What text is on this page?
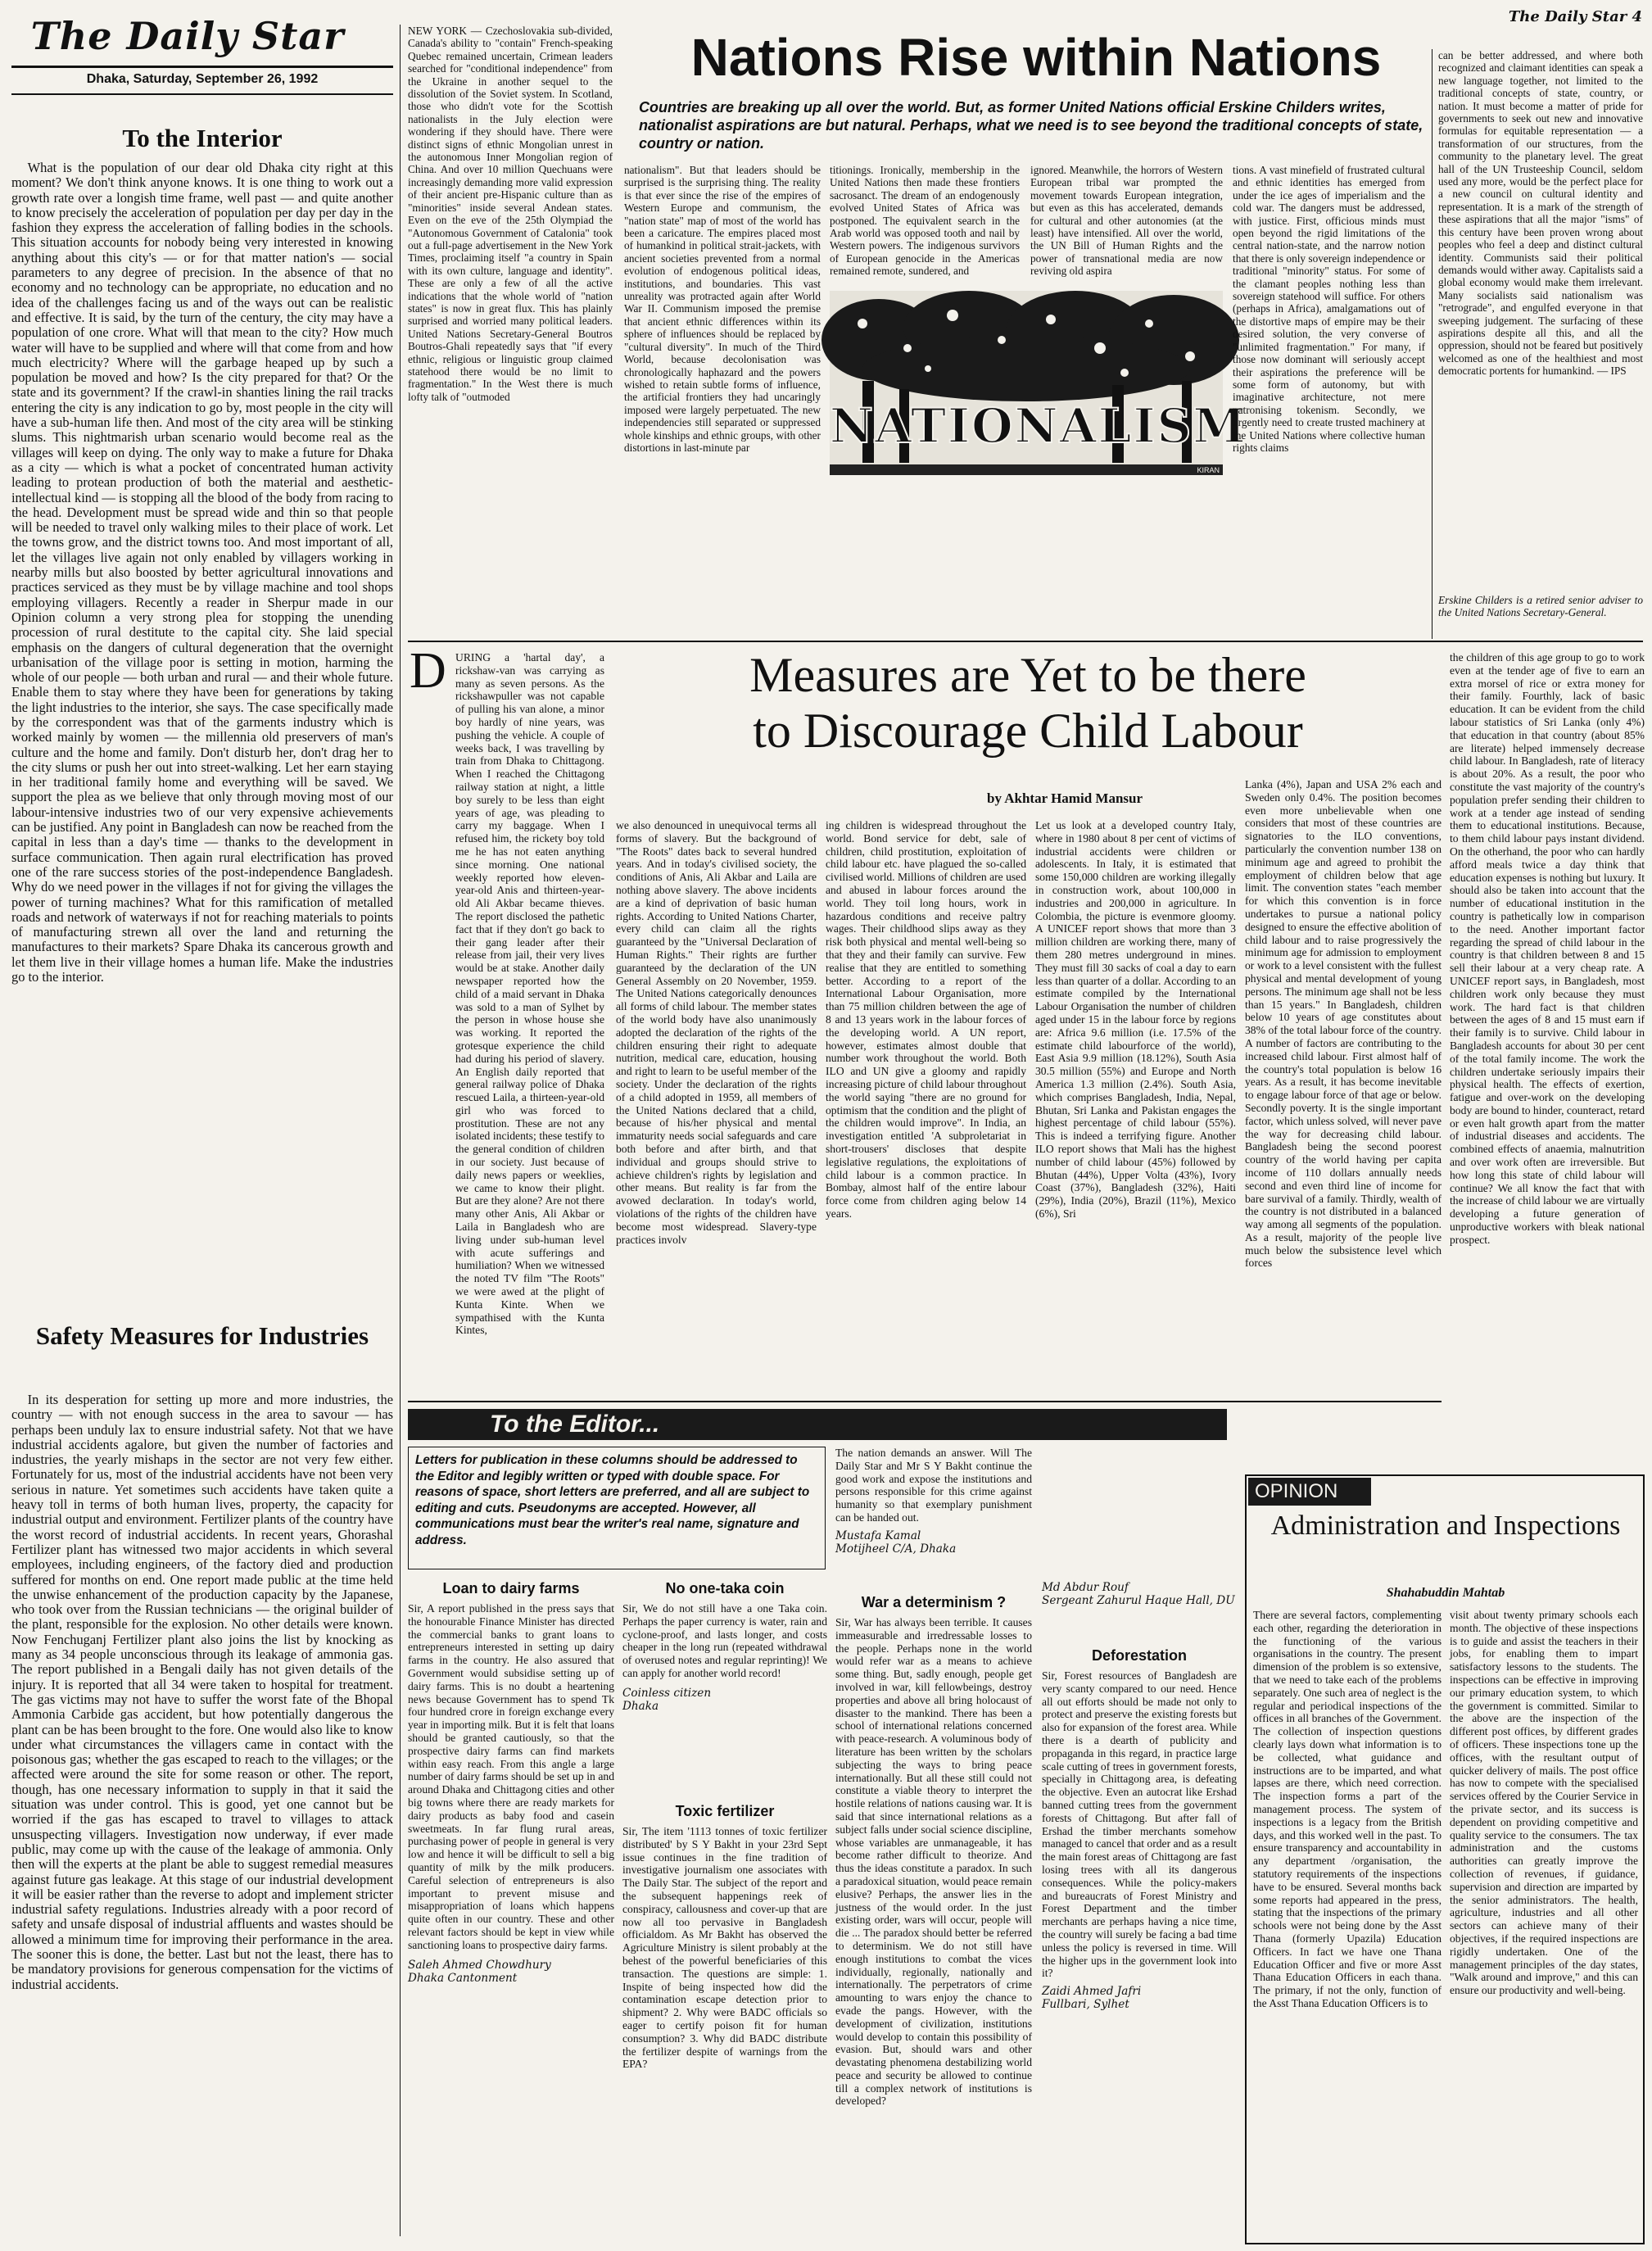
The Daily Star
Dhaka, Saturday, September 26, 1992
The Daily Star 4
To the Interior

What is the population of our dear old Dhaka city right at this moment? We don't think anyone knows. It is one thing to work out a growth rate over a longish time frame, well past — and quite another to know precisely the acceleration of population per day per day in the fashion they express the acceleration of falling bodies in the schools. This situation accounts for nobody being very interested in knowing anything about this city's — or for that matter nation's — social parameters to any degree of precision. In the absence of that no economy and no technology can be appropriate, no education and no idea of the challenges facing us and of the ways out can be realistic and effective. It is said, by the turn of the century, the city may have a population of one crore. What will that mean to the city? How much water will have to be supplied and where will that come from and how much electricity? Where will the garbage heaped up by such a population be moved and how? Is the city prepared for that? Or the state and its government? If the crawl-in shanties lining the rail tracks entering the city is any indication to go by, most people in the city will have a sub-human life then. And most of the city area will be stinking slums. This nightmarish urban scenario would become real as the villages will keep on dying. The only way to make a future for Dhaka as a city — which is what a pocket of concentrated human activity leading to protean production of both the material and aesthetic-intellectual kind — is stopping all the blood of the body from racing to the head. Development must be spread wide and thin so that people will be needed to travel only walking miles to their place of work. Let the towns grow, and the district towns too. And most important of all, let the villages live again not only enabled by villagers working in nearby mills but also boosted by better agricultural innovations and practices serviced as they must be by village machine and tool shops employing villagers. Recently a reader in Sherpur made in our Opinion column a very strong plea for stopping the unending procession of rural destitute to the capital city. She laid special emphasis on the dangers of cultural degeneration that the overnight urbanisation of the village poor is setting in motion, harming the whole of our people — both urban and rural — and their whole future. Enable them to stay where they have been for generations by taking the light industries to the interior, she says. The case specifically made by the correspondent was that of the garments industry which is worked mainly by women — the millennia old preservers of man's culture and the home and family. Don't disturb her, don't drag her to the city slums or push her out into street-walking. Let her earn staying in her traditional family home and everything will be saved. We support the plea as we believe that only through moving most of our labour-intensive industries two of our very expensive achievements can be justified. Any point in Bangladesh can now be reached from the capital in less than a day's time — thanks to the development in surface communication. Then again rural electrification has proved one of the rare success stories of the post-independence Bangladesh. Why do we need power in the villages if not for giving the villages the power of turning machines? What for this ramification of metalled roads and network of waterways if not for reaching materials to points of manufacturing strewn all over the land and returning the manufactures to their markets? Spare Dhaka its cancerous growth and let them live in their village homes a human life. Make the industries go to the interior.

Safety Measures for Industries

In its desperation for setting up more and more industries, the country — with not enough success in the area to savour — has perhaps been unduly lax to ensure industrial safety. Not that we have industrial accidents agalore, but given the number of factories and industries, the yearly mishaps in the sector are not very few either. Fortunately for us, most of the industrial accidents have not been very serious in nature. Yet sometimes such accidents have taken quite a heavy toll in terms of both human lives, property, the capacity for industrial output and environment. Fertilizer plants of the country have the worst record of industrial accidents. In recent years, Ghorashal Fertilizer plant has witnessed two major accidents in which several employees, including engineers, of the factory died and production suffered for months on end. One report made public at the time held the unwise enhancement of the production capacity by the Japanese, who took over from the Russian technicians — the original builder of the plant, responsible for the explosion. No other details were known. Now Fenchuganj Fertilizer plant also joins the list by knocking as many as 34 people unconscious through its leakage of ammonia gas. The report published in a Bengali daily has not given details of the injury. It is reported that all 34 were taken to hospital for treatment. The gas victims may not have to suffer the worst fate of the Bhopal Ammonia Carbide gas accident, but how potentially dangerous the plant can be has been brought to the fore. One would also like to know under what circumstances the villagers came in contact with the poisonous gas; whether the gas escaped to reach to the villages; or the affected were around the site for some reason or other. The report, though, has one necessary information to supply in that it said the situation was under control. This is good, yet one cannot but be worried if the gas has escaped to travel to villages to attack unsuspecting villagers. Investigation now underway, if ever made public, may come up with the cause of the leakage of ammonia. Only then will the experts at the plant be able to suggest remedial measures against future gas leakage. At this stage of our industrial development it will be easier rather than the reverse to adopt and implement stricter industrial safety regulations. Industries already with a poor record of safety and unsafe disposal of industrial affluents and wastes should be allowed a minimum time for improving their performance in the area. The sooner this is done, the better. Last but not the least, there has to be mandatory provisions for generous compensation for the victims of industrial accidents.

NEW YORK — Czechoslovakia sub-divided, Canada's ability to "contain" French-speaking Quebec remained uncertain, Crimean leaders searched for "conditional independence" from the Ukraine in another sequel to the dissolution of the Soviet system. In Scotland, those who didn't vote for the Scottish nationalists in the July election were wondering if they should have. There were distinct signs of ethnic Mongolian unrest in the autonomous Inner Mongolian region of China. And over 10 million Quechuans were increasingly demanding more valid expression of their ancient pre-Hispanic culture than as "minorities" inside several Andean states. Even on the eve of the 25th Olympiad the "Autonomous Government of Catalonia" took out a full-page advertisement in the New York Times, proclaiming itself "a country in Spain with its own culture, language and identity". These are only a few of all the active indications that the whole world of "nation states" is now in great flux. This has plainly surprised and worried many political leaders. United Nations Secretary-General Boutros Boutros-Ghali repeatedly says that "if every ethnic, religious or linguistic group claimed statehood there would be no limit to fragmentation." In the West there is much lofty talk of "outmoded
Nations Rise within Nations
Countries are breaking up all over the world. But, as former United Nations official Erskine Childers writes, nationalist aspirations are but natural. Perhaps, what we need is to see beyond the traditional concepts of state, country or nation.
nationalism". But that leaders should be surprised is the surprising thing. The reality is that ever since the rise of the empires of Western Europe and communism, the "nation state" map of most of the world has been a caricature. The empires placed most of humankind in political strait-jackets, with ancient societies prevented from a normal evolution of endogenous political ideas, institutions, and boundaries. This vast unreality was protracted again after World War II. Communism imposed the premise that ancient ethnic differences within its sphere of influences should be replaced by "cultural diversity". In much of the Third World, because decolonisation was chronologically haphazard and the powers wished to retain subtle forms of influence, the artificial frontiers they had uncaringly imposed were largely perpetuated. The new independencies still separated or suppressed whole kinships and ethnic groups, with other distortions in last-minute par
titionings. Ironically, membership in the United Nations then made these frontiers sacrosanct. The dream of an endogenously evolved United States of Africa was postponed. The equivalent search in the Arab world was opposed tooth and nail by Western powers. The indigenous survivors of European genocide in the Americas remained remote, sundered, and
ignored. Meanwhile, the horrors of Western European tribal war prompted the movement towards European integration, but even as this has accelerated, demands for cultural and other autonomies (at the least) have intensified. All over the world, the UN Bill of Human Rights and the power of transnational media are now reviving old aspira
NATIONALISM
KIRAN
tions. A vast minefield of frustrated cultural and ethnic identities has emerged from under the ice ages of imperialism and the cold war. The dangers must be addressed, with justice. First, officious minds must open beyond the rigid limitations of the central nation-state, and the narrow notion that there is only sovereign independence or traditional "minority" status. For some of the clamant peoples nothing less than sovereign statehood will suffice. For others (perhaps in Africa), amalgamations out of the distortive maps of empire may be their desired solution, the very converse of "unlimited fragmentation." For many, if those now dominant will seriously accept their aspirations the preference will be some form of autonomy, but with imaginative architecture, not mere patronising tokenism. Secondly, we urgently need to create trusted machinery at the United Nations where collective human rights claims
can be better addressed, and where both recognized and claimant identities can speak a new language together, not limited to the traditional concepts of state, country, or nation. It must become a matter of pride for governments to seek out new and innovative formulas for equitable representation — a transformation of our structures, from the community to the planetary level. The great hall of the UN Trusteeship Council, seldom used any more, would be the perfect place for a new council on cultural identity and representation. It is a mark of the strength of these aspirations that all the major "isms" of this century have been proven wrong about peoples who feel a deep and distinct cultural identity. Communists said their political demands would wither away. Capitalists said a global economy would make them irrelevant. Many socialists said nationalism was "retrograde", and engulfed everyone in that sweeping judgement. The surfacing of these aspirations despite all this, and all the oppression, should not be feared but positively welcomed as one of the healthiest and most democratic portents for humankind. — IPS
Erskine Childers is a retired senior adviser to the United Nations Secretary-General.
D URING a 'hartal day', a rickshaw-van was carrying as many as seven persons. As the rickshawpuller was not capable of pulling his van alone, a minor boy hardly of nine years, was pushing the vehicle. A couple of weeks back, I was travelling by train from Dhaka to Chittagong. When I reached the Chittagong railway station at night, a little boy surely to be less than eight years of age, was pleading to carry my baggage. When I refused him, the rickety boy told me he has not eaten anything since morning. One national weekly reported how eleven-year-old Anis and thirteen-year-old Ali Akbar became thieves. The report disclosed the pathetic fact that if they don't go back to their gang leader after their release from jail, their very lives would be at stake. Another daily newspaper reported how the child of a maid servant in Dhaka was sold to a man of Sylhet by the person in whose house she was working. It reported the grotesque experience the child had during his period of slavery. An English daily reported that general railway police of Dhaka rescued Laila, a thirteen-year-old girl who was forced to prostitution. These are not any isolated incidents; these testify to the general condition of children in our society. Just because of daily news papers or weeklies, we came to know their plight. But are they alone? Are not there many other Anis, Ali Akbar or Laila in Bangladesh who are living under sub-human level with acute sufferings and humiliation? When we witnessed the noted TV film "The Roots" we were awed at the plight of Kunta Kinte. When we sympathised with the Kunta Kintes,
Measures are Yet to be there
to Discourage Child Labour
by Akhtar Hamid Mansur
we also denounced in unequivocal terms all forms of slavery. But the background of "The Roots" dates back to several hundred years. And in today's civilised society, the conditions of Anis, Ali Akbar and Laila are nothing above slavery. The above incidents are a kind of deprivation of basic human rights. According to United Nations Charter, every child can claim all the rights guaranteed by the "Universal Declaration of Human Rights." Their rights are further guaranteed by the declaration of the UN General Assembly on 20 November, 1959. The United Nations categorically denounces all forms of child labour. The member states of the world body have also unanimously adopted the declaration of the rights of the children ensuring their right to adequate nutrition, medical care, education, housing and right to learn to be useful member of the society. Under the declaration of the rights of a child adopted in 1959, all members of the United Nations declared that a child, because of his/her physical and mental immaturity needs social safeguards and care both before and after birth, and that individual and groups should strive to achieve children's rights by legislation and other means. But reality is far from the avowed declaration. In today's world, violations of the rights of the children have become most widespread. Slavery-type practices involv
ing children is widespread throughout the world. Bond service for debt, sale of children, child prostitution, exploitation of child labour etc. have plagued the so-called civilised world. Millions of children are used and abused in labour forces around the world. They toil long hours, work in hazardous conditions and receive paltry wages. Their childhood slips away as they risk both physical and mental well-being so that they and their family can survive. Few realise that they are entitled to something better. According to a report of the International Labour Organisation, more than 75 million children between the age of 8 and 13 years work in the labour forces of the developing world. A UN report, however, estimates almost double that number work throughout the world. Both ILO and UN give a gloomy and rapidly increasing picture of child labour throughout the world saying "there are no ground for optimism that the condition and the plight of the children would improve". In India, an investigation entitled 'A subproletariat in short-trousers' discloses that despite legislative regulations, the exploitations of child labour is a common practice. In Bombay, almost half of the entire labour force come from children aging below 14 years.
Let us look at a developed country Italy, where in 1980 about 8 per cent of victims of industrial accidents were children or adolescents. In Italy, it is estimated that some 150,000 children are working illegally in construction work, about 100,000 in industries and 200,000 in agriculture. In Colombia, the picture is evenmore gloomy. A UNICEF report shows that more than 3 million children are working there, many of them 280 metres underground in mines. They must fill 30 sacks of coal a day to earn less than quarter of a dollar. According to an estimate compiled by the International Labour Organisation the number of children aged under 15 in the labour force by regions are: Africa 9.6 million (i.e. 17.5% of the estimate child labourforce of the world), East Asia 9.9 million (18.12%), South Asia 30.5 million (55%) and Europe and North America 1.3 million (2.4%). South Asia, which comprises Bangladesh, India, Nepal, Bhutan, Sri Lanka and Pakistan engages the highest percentage of child labour (55%). This is indeed a terrifying figure. Another ILO report shows that Mali has the highest number of child labour (45%) followed by Bhutan (44%), Upper Volta (43%), Ivory Coast (37%), Bangladesh (32%), Haiti (29%), India (20%), Brazil (11%), Mexico (6%), Sri
Lanka (4%), Japan and USA 2% each and Sweden only 0.4%. The position becomes even more unbelievable when one considers that most of these countries are signatories to the ILO conventions, particularly the convention number 138 on minimum age and agreed to prohibit the employment of children below that age limit. The convention states "each member for which this convention is in force undertakes to pursue a national policy designed to ensure the effective abolition of child labour and to raise progressively the minimum age for admission to employment or work to a level consistent with the fullest physical and mental development of young persons. The minimum age shall not be less than 15 years." In Bangladesh, children below 10 years of age constitutes about 38% of the total labour force of the country. A number of factors are contributing to the increased child labour. First almost half of the country's total population is below 16 years. As a result, it has become inevitable to engage labour force of that age or below. Secondly poverty. It is the single important factor, which unless solved, will never pave the way for decreasing child labour. Bangladesh being the second poorest country of the world having per capita income of 110 dollars annually needs second and even third line of income for bare survival of a family. Thirdly, wealth of the country is not distributed in a balanced way among all segments of the population. As a result, majority of the people live much below the subsistence level which forces
the children of this age group to go to work even at the tender age of five to earn an extra morsel of rice or extra money for their family. Fourthly, lack of basic education. It can be evident from the child labour statistics of Sri Lanka (only 4%) that education in that country (about 85% are literate) helped immensely decrease child labour. In Bangladesh, rate of literacy is about 20%. As a result, the poor who constitute the vast majority of the country's population prefer sending their children to work at a tender age instead of sending them to educational institutions. Because, to them child labour pays instant dividend. On the otherhand, the poor who can hardly afford meals twice a day think that education expenses is nothing but luxury. It should also be taken into account that the number of educational institution in the country is pathetically low in comparison to the need. Another important factor regarding the spread of child labour in the country is that children between 8 and 15 sell their labour at a very cheap rate. A UNICEF report says, in Bangladesh, most children work only because they must work. The hard fact is that children between the ages of 8 and 15 must earn if their family is to survive. Child labour in Bangladesh accounts for about 30 per cent of the total family income. The work the children undertake seriously impairs their physical health. The effects of exertion, fatigue and over-work on the developing body are bound to hinder, counteract, retard or even halt growth apart from the matter of industrial diseases and accidents. The combined effects of anaemia, malnutrition and over work often are irreversible. But how long this state of child labour will continue? We all know the fact that with the increase of child labour we are virtually developing a future generation of unproductive workers with bleak national prospect.
To the Editor...
Letters for publication in these columns should be addressed to the Editor and legibly written or typed with double space. For reasons of space, short letters are preferred, and all are subject to editing and cuts. Pseudonyms are accepted. However, all communications must bear the writer's real name, signature and address.
Loan to dairy farms
Sir, A report published in the press says that the honourable Finance Minister has directed the commercial banks to grant loans to entrepreneurs interested in setting up dairy farms in the country. He also assured that Government would subsidise setting up of dairy farms. This is no doubt a heartening news because Government has to spend Tk four hundred crore in foreign exchange every year in importing milk. But it is felt that loans should be granted cautiously, so that the prospective dairy farms can find markets within easy reach. From this angle a large number of dairy farms should be set up in and around Dhaka and Chittagong cities and other big towns where there are ready markets for dairy products as baby food and casein sweetmeats. In far flung rural areas, purchasing power of people in general is very low and hence it will be difficult to sell a big quantity of milk by the milk producers. Careful selection of entrepreneurs is also important to prevent misuse and misappropriation of loans which happens quite often in our country. These and other relevant factors should be kept in view while sanctioning loans to prospective dairy farms.
Saleh Ahmed Chowdhury
Dhaka Cantonment
No one-taka coin
Sir, We do not still have a one Taka coin. Perhaps the paper currency is water, rain and cyclone-proof, and lasts longer, and costs cheaper in the long run (repeated withdrawal of overused notes and regular reprinting)! We can apply for another world record!
Coinless citizen
Dhaka
Toxic fertilizer
Sir, The item '1113 tonnes of toxic fertilizer distributed' by S Y Bakht in your 23rd Sept issue continues in the fine tradition of investigative journalism one associates with The Daily Star. The subject of the report and the subsequent happenings reek of conspiracy, callousness and cover-up that are now all too pervasive in Bangladesh officialdom. As Mr Bakht has observed the Agriculture Ministry is silent probably at the behest of the powerful beneficiaries of this transaction. The questions are simple: 1. Inspite of being inspected how did the contamination escape detection prior to shipment? 2. Why were BADC officials so eager to certify poison fit for human consumption? 3. Why did BADC distribute the fertilizer despite of warnings from the EPA?
The nation demands an answer. Will The Daily Star and Mr S Y Bakht continue the good work and expose the institutions and persons responsible for this crime against humanity so that exemplary punishment can be handed out.
Mustafa Kamal
Motijheel C/A, Dhaka
War a determinism ?
Sir, War has always been terrible. It causes immeasurable and irredressable losses to the people. Perhaps none in the world would refer war as a means to achieve some thing. But, sadly enough, people get involved in war, kill fellowbeings, destroy properties and above all bring holocaust of disaster to the mankind. There has been a school of international relations concerned with peace-research. A voluminous body of literature has been written by the scholars subjecting the ways to bring peace internationally. But all these still could not constitute a viable theory to interpret the hostile relations of nations causing war. It is said that since international relations as a subject falls under social science discipline, whose variables are unmanageable, it has become rather difficult to theorize. And thus the ideas constitute a paradox. In such a paradoxical situation, would peace remain elusive? Perhaps, the answer lies in the justness of the would order. In the just existing order, wars will occur, people will die ... The paradox should better be referred to determinism. We do not still have enough institutions to combat the vices individually, regionally, nationally and internationally. The perpetrators of crime amounting to wars enjoy the chance to evade the pangs. However, with the development of civilization, institutions would develop to contain this possibility of evasion. But, should wars and other devastating phenomena destabilizing world peace and security be allowed to continue till a complex network of institutions is developed?
Md Abdur Rouf
Sergeant Zahurul Haque Hall, DU
Deforestation
Sir, Forest resources of Bangladesh are very scanty compared to our need. Hence all out efforts should be made not only to protect and preserve the existing forests but also for expansion of the forest area. While there is a dearth of publicity and propaganda in this regard, in practice large scale cutting of trees in government forests, specially in Chittagong area, is defeating the objective. Even an autocrat like Ershad banned cutting trees from the government forests of Chittagong. But after fall of Ershad the timber merchants somehow managed to cancel that order and as a result the main forest areas of Chittagong are fast losing trees with all its dangerous consequences. While the policy-makers and bureaucrats of Forest Ministry and Forest Department and the timber merchants are perhaps having a nice time, the country will surely be facing a bad time unless the policy is reversed in time. Will the higher ups in the government look into it?
Zaidi Ahmed Jafri
Fullbari, Sylhet
OPINION
Administration and Inspections
Shahabuddin Mahtab
There are several factors, complementing each other, regarding the deterioration in the functioning of the various organisations in the country. The present dimension of the problem is so extensive, that we need to take each of the problems separately. One such area of neglect is the regular and periodical inspections of the offices in all branches of the Government. The collection of inspection questions clearly lays down what information is to be collected, what guidance and instructions are to be imparted, and what lapses are there, which need correction. The inspection forms a part of the management process. The system of inspections is a legacy from the British days, and this worked well in the past. To ensure transparency and accountability in any department /organisation, the statutory requirements of the inspections have to be ensured. Several months back some reports had appeared in the press, stating that the inspections of the primary schools were not being done by the Asst Thana (formerly Upazila) Education Officers. In fact we have one Thana Education Officer and five or more Asst Thana Education Officers in each thana. The primary, if not the only, function of the Asst Thana Education Officers is to
visit about twenty primary schools each month. The objective of these inspections is to guide and assist the teachers in their jobs, for enabling them to impart satisfactory lessons to the students. The inspections can be effective in improving our primary education system, to which the government is committed. Similar to the above are the inspection of the different post offices, by different grades of officers. These inspections tone up the offices, with the resultant output of quicker delivery of mails. The post office has now to compete with the specialised services offered by the Courier Service in the private sector, and its success is dependent on providing competitive and quality service to the consumers. The tax administration and the customs authorities can greatly improve the collection of revenues, if guidance, supervision and direction are imparted by the senior administrators. The health, agriculture, industries and all other sectors can achieve many of their objectives, if the required inspections are rigidly undertaken. One of the management principles of the day states, "Walk around and improve," and this can ensure our productivity and well-being.
